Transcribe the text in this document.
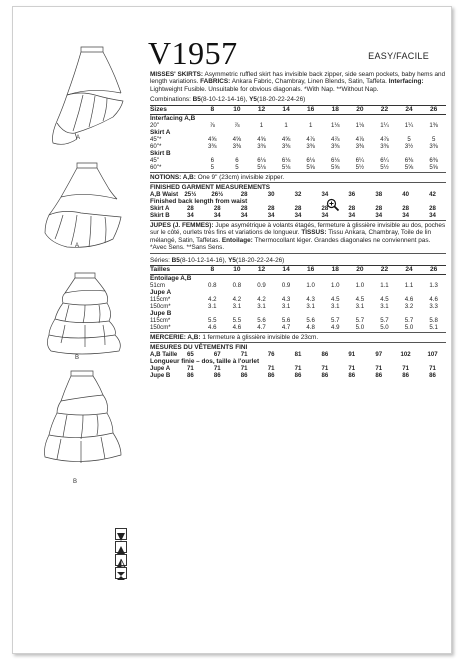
V1957	EASY/FACILE
A
A
B
B

MISSES' SKIRTS: Asymmetric ruffled skirt has invisible back zipper, side seam pockets, baby hems and length variations. FABRICS: Ankara Fabric, Chambray, Linen Blends, Satin, Taffeta. Interfacing: Lightweight Fusible. Unsuitable for obvious diagonals. *With Nap. **Without Nap.

Combinations: B5(8-10-12-14-16), Y5(18-20-22-24-26)
Sizes	8	10	12	14	16	18	20	22	24	26
Interfacing A,B										
20"	⅞	⅞	1	1	1	1⅛	1⅛	1¼	1¼	1⅜
Skirt A										
45"*	4⅝	4⅝	4⅝	4⅝	4⅞	4⅞	4⅞	4⅞	5	5
60"*	3⅜	3⅜	3⅜	3⅜	3⅜	3⅜	3⅜	3⅜	3½	3⅜
Skirt B										
45"	6	6	6⅛	6⅛	6⅛	6⅛	6¼	6¼	6⅜	6⅜
60"*	5	5	5⅛	5⅛	5⅝	5⅝	5½	5½	5⅝	5⅝

NOTIONS: A,B: One 9" (23cm) invisible zipper.

FINISHED GARMENT MEASUREMENTS										
A,B Waist	25½	26½	28	30	32	34	36	38	40	42
Finished back length from waist										
Skirt A	28	28	28	28	28	28	28	28	28	28
Skirt B	34	34	34	34	34	34	34	34	34	34

JUPES (J. FEMMES): Jupe asymétrique à volants étagés, fermeture à glissière invisible au dos, poches sur le côté, ourlets très fins et variations de longueur. TISSUS: Tissu Ankara, Chambray, Toile de lin mélangé, Satin, Taffetas. Entoilage: Thermocollant léger. Grandes diagonales ne conviennent pas. *Avec Sens. **Sans Sens.

Séries: B5(8-10-12-14-16), Y5(18-20-22-24-26)
Tailles	8	10	12	14	16	18	20	22	24	26
Entoilage A,B										
51cm	0.8	0.8	0.9	0.9	1.0	1.0	1.0	1.1	1.1	1.3
Jupe A										
115cm*	4.2	4.2	4.2	4.3	4.3	4.5	4.5	4.5	4.6	4.6
150cm*	3.1	3.1	3.1	3.1	3.1	3.1	3.1	3.1	3.2	3.3
Jupe B										
115cm*	5.5	5.5	5.6	5.6	5.6	5.7	5.7	5.7	5.7	5.8
150cm*	4.6	4.6	4.7	4.7	4.8	4.9	5.0	5.0	5.0	5.1

MERCERIE: A,B: 1 fermeture à glissière invisible de 23cm.

MESURES DU VÊTEMENTS FINI										
A,B Taille	65	67	71	76	81	86	91	97	102	107
Longueur finie – dos, taille à l'ourlet										
Jupe A	71	71	71	71	71	71	71	71	71	71
Jupe B	86	86	86	86	86	86	86	86	86	86
